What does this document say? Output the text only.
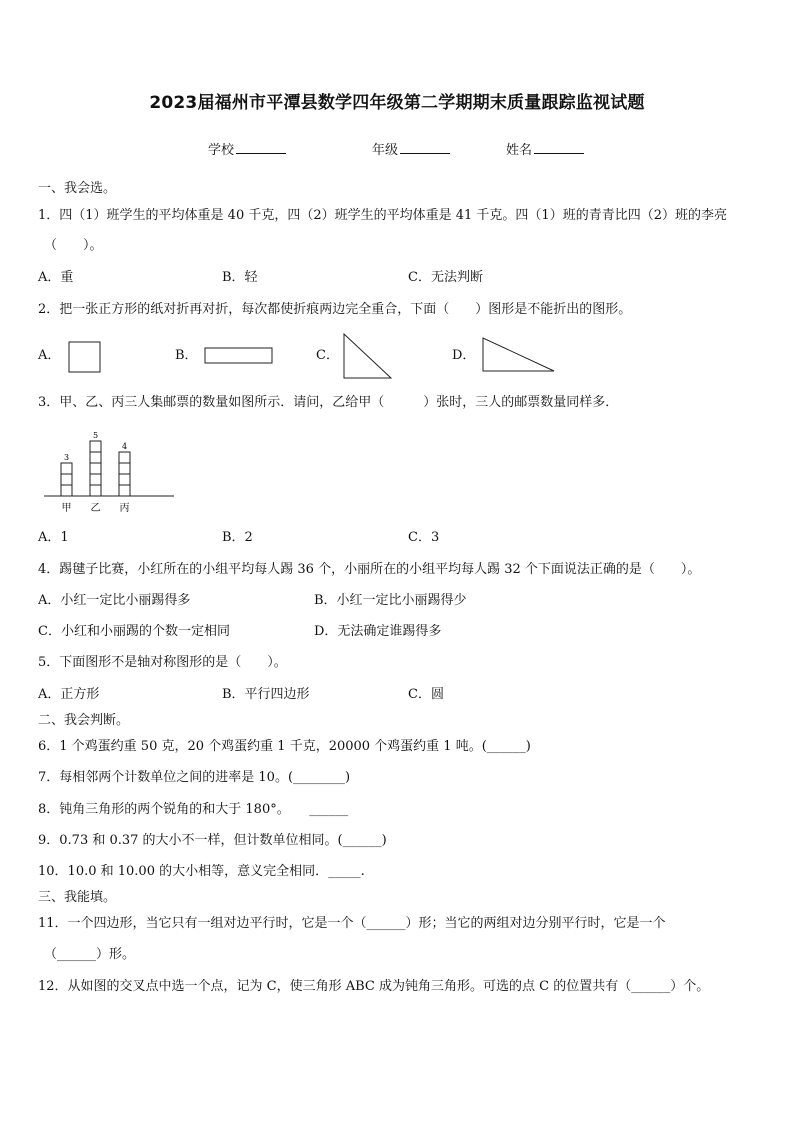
2023届福州市平潭县数学四年级第二学期期末质量跟踪监视试题
学校	年级	姓名
一、我会选。
1．四（1）班学生的平均体重是 40 千克，四（2）班学生的平均体重是 41 千克。四（1）班的青青比四（2）班的李亮
（　　）。
A．重	B．轻	C．无法判断
2．把一张正方形的纸对折再对折，每次都使折痕两边完全重合，下面（　　）图形是不能折出的图形。
A．	B．	C．	D．
3．甲、乙、丙三人集邮票的数量如图所示．请问，乙给甲（　　　）张时，三人的邮票数量同样多．
3
甲
5
乙
4
丙
A．1	B．2	C．3
4．踢毽子比赛，小红所在的小组平均每人踢 36 个，小丽所在的小组平均每人踢 32 个下面说法正确的是（　　）。
A．小红一定比小丽踢得多	B．小红一定比小丽踢得少
C．小红和小丽踢的个数一定相同	D．无法确定谁踢得多
5．下面图形不是轴对称图形的是（　　）。
A．正方形	B．平行四边形	C．圆
二、我会判断。
6．1 个鸡蛋约重 50 克，20 个鸡蛋约重 1 千克，20000 个鸡蛋约重 1 吨。(______)
7．每相邻两个计数单位之间的进率是 10。(________)
8．钝角三角形的两个锐角的和大于 180°。　　______
9．0.73 和 0.37 的大小不一样，但计数单位相同。(______)
10．10.0 和 10.00 的大小相等，意义完全相同．_____.
三、我能填。
11．一个四边形，当它只有一组对边平行时，它是一个（______）形；当它的两组对边分别平行时，它是一个
（______）形。
12．从如图的交叉点中选一个点，记为 C，使三角形 ABC 成为钝角三角形。可选的点 C 的位置共有（______）个。
